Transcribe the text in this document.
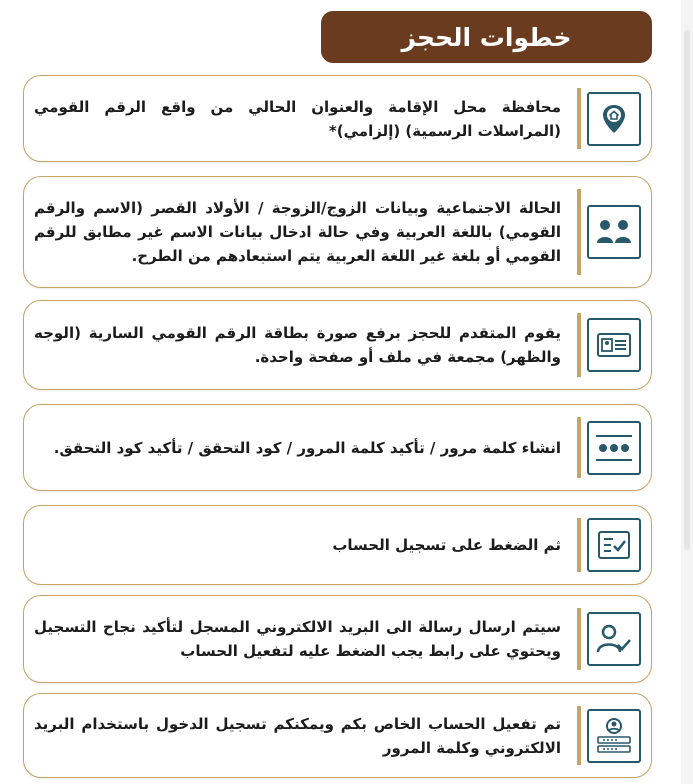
خطوات الحجز
محافظة محل الإقامة والعنوان الحالي من واقع الرقم القومي (المراسلات الرسمية) (إلزامي)*
الحالة الاجتماعية وبيانات الزوج/الزوجة / الأولاد القصر (الاسم والرقم القومي) باللغة العربية وفي حالة ادخال بيانات الاسم غير مطابق للرقم القومي أو بلغة غير اللغة العربية يتم استبعادهم من الطرح.
يقوم المتقدم للحجز برفع صورة بطاقة الرقم القومي السارية (الوجه والظهر) مجمعة في ملف أو صفحة واحدة.
انشاء كلمة مرور / تأكيد كلمة المرور / كود التحقق / تأكيد كود التحقق.
ثم الضغط على تسجيل الحساب
سيتم ارسال رسالة الى البريد الالكتروني المسجل لتأكيد نجاح التسجيل ويحتوي على رابط يجب الضغط عليه لتفعيل الحساب
تم تفعيل الحساب الخاص بكم ويمكنكم تسجيل الدخول باستخدام البريد الالكتروني وكلمة المرور
